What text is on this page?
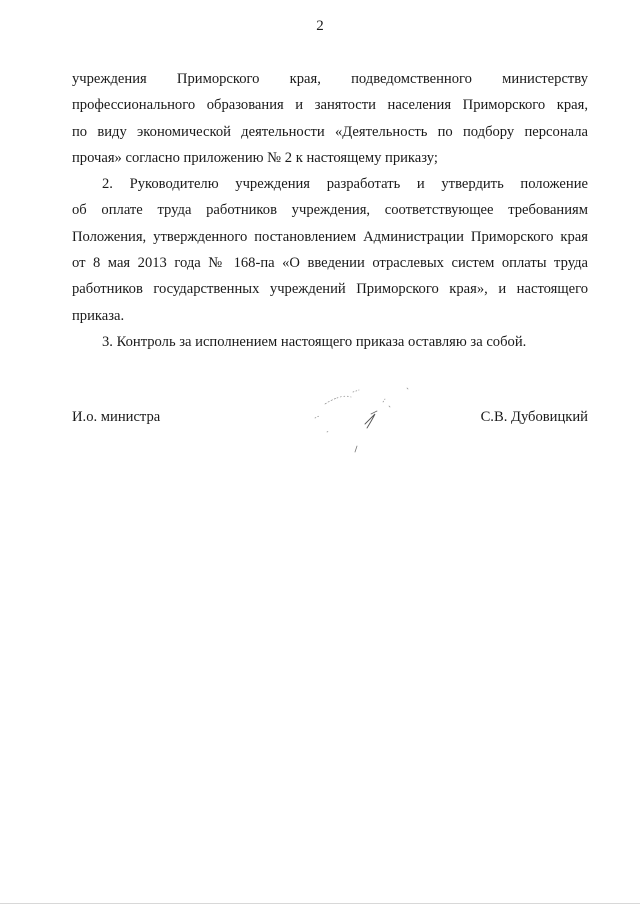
2

учреждения Приморского края, подведомственного министерству
профессионального образования и занятости населения Приморского края,
по виду экономической деятельности «Деятельность по подбору персонала
прочая» согласно приложению № 2 к настоящему приказу;

2. Руководителю учреждения разработать и утвердить положение
об оплате труда работников учреждения, соответствующее требованиям
Положения, утвержденного постановлением Администрации Приморского края
от 8 мая 2013 года № 168-па «О введении отраслевых систем оплаты труда
работников государственных учреждений Приморского края», и настоящего
приказа.

3. Контроль за исполнением настоящего приказа оставляю за собой.

И.о. министра	С.В. Дубовицкий
